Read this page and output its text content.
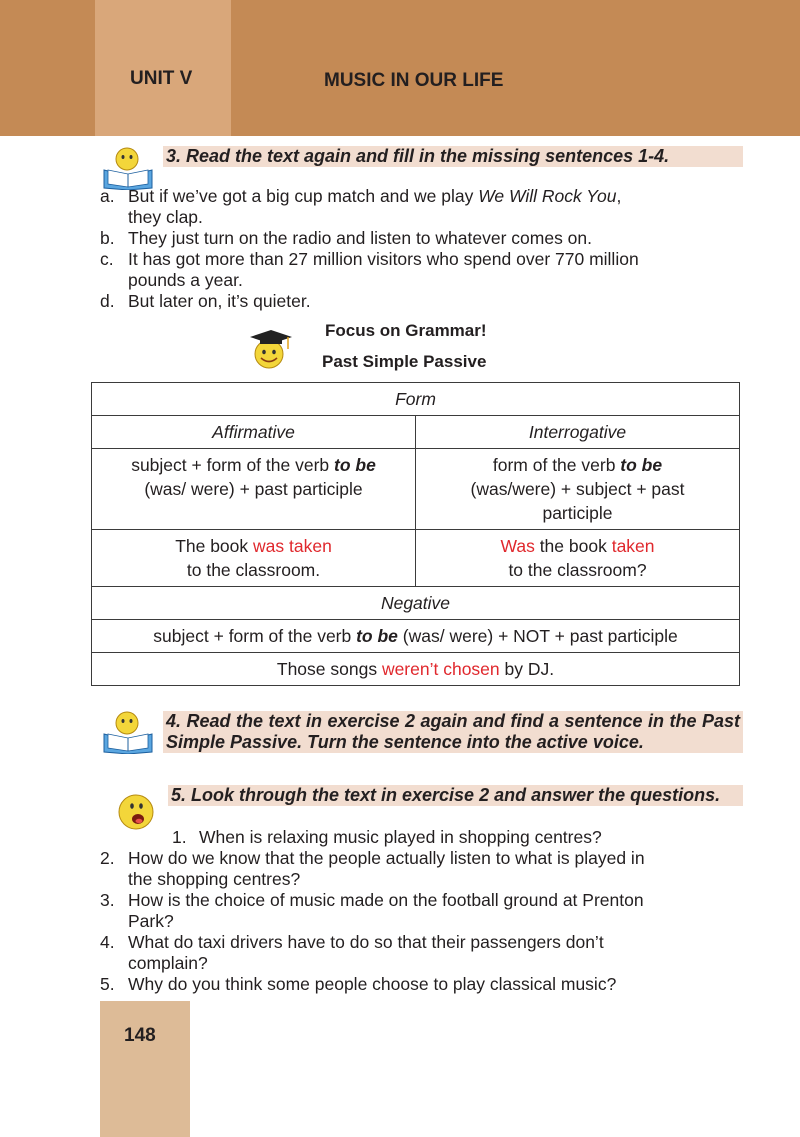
UNIT V	MUSIC IN OUR LIFE
3. Read the text again and fill in the missing sentences 1-4.
a. But if we’ve got a big cup match and we play We Will Rock You,
they clap.
b. They just turn on the radio and listen to whatever comes on.
c. It has got more than 27 million visitors who spend over 770 million
pounds a year.
d. But later on, it’s quieter.
Focus on Grammar!
Past Simple Passive
Form	
Affirmative	Interrogative
subject + form of the verb to be
(was/ were) + past participle	form of the verb to be
(was/were) + subject + past
participle
The book was taken
to the classroom.	Was the book taken
to the classroom?
Negative	
subject + form of the verb to be (was/ were) + NOT + past participle	
Those songs weren’t chosen by DJ.	
4. Read the text in exercise 2 again and find a sentence in the Past Simple Passive. Turn the sentence into the active voice.
5. Look through the text in exercise 2 and answer the questions.
1. When is relaxing music played in shopping centres?
2. How do we know that the people actually listen to what is played in
the shopping centres?
3. How is the choice of music made on the football ground at Prenton
Park?
4. What do taxi drivers have to do so that their passengers don’t
complain?
5. Why do you think some people choose to play classical music?
148
